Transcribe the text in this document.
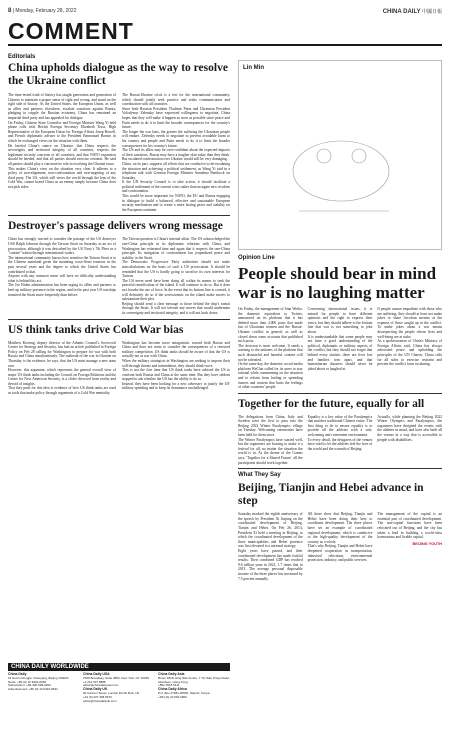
8 | Monday, February 28, 2022	CHINA DAILY 中國日報
COMMENT
Editorials
China upholds dialogue as the way to resolve the Ukraine conflict

The time-tested truth of history has taught generation and generation of Chinese to maintain a proper sense of right and wrong, and stand on the right side of history. As the United States, the European Union, as well as allies and partners elsewhere, escalate sanctions against Russia, pledging to cripple the Russian economy, China has remained an impartial third party and has appealed for dialogue.

On Friday, Chinese State Councilor and Foreign Minister Wang Yi held phone calls with British Foreign Secretary Elizabeth Truss, High Representative of the European Union for Foreign Affairs Josep Borrell, and French diplomatic adviser to the President Emmanuel Bonne, in which he exchanged views on the situation with them.

He briefed China's stance on Ukraine, that China respects the sovereignty and territorial integrity of all countries, respects the legitimate security concerns of all countries, and that NATO expansion should be heeded, and that all parties should exercise restraint. He said all parties should play a constructive role in resolving the Ukraine issue.

This makes China's view on the situation very clear. It adheres to a policy of non-alignment, non-confrontation and non-targeting of any third party. The US, which still views the world through the lens of the Cold War, cannot brand China as an enemy simply because China does not pick sides.

The Russia-Ukraine crisis is a test for the international community, which should jointly seek practice and seeks communication and coordination with all countries.

Since both Russian President Vladimir Putin and Ukrainian President Volodymyr Zelensky have expressed willingness to negotiate, China hopes that they will make it happen as soon as possible since peace and Putin needs to do it to limit the broader consequences for the country's future.

The longer the war lasts, the greater the suffering the Ukrainian people will endure. Zelensky needs to negotiate to prevent avoidable harm to his country and people and Putin needs to do it to limit the broader consequences for his country's future.

The US and its allies may be over-confident about the expected impacts of their sanctions. Russia may have a tougher skin today than they think. But escalated confrontation over Ukraine would still be very damaging.

China, on its part, supports all efforts that are conducive to de-escalating the situation and achieving a political settlement, as Wang Yi said in a telephone talk with German Foreign Minister Annalena Baerbock on Saturday.

If the UN Security Council is to take action, it should facilitate a political settlement of the current crisis rather than instigate new rivalries and confrontation.

This would be more important for NATO, the EU and Russia engaging in dialogue to build a balanced, effective and sustainable European security mechanism and to create a more lasting peace and stability on the European continent.

Destroyer's passage delivers wrong message

China has strongly reacted to consider the passage of the US destroyer USS Ralph Johnson through the Taiwan Strait on Saturday as an act of provocation, although it was described by the US Navy's 7th Fleet as a "routine" transit through international waters.

The international community knows how sensitive the Taiwan Strait is to the Chinese mainland given the mounting cross-Strait tensions in the past several years and the degree to which the United States has contributed to that.

Anyone with any common sense will have no difficulty understanding what is behind this act.

The Joe Biden administration has been urging its allies and partners to beef up military presence in the region, and in the past year US warships transited the Strait more frequently than before.

The Taiwan question is China's internal affair. The US acknowledged the one-China principle in its diplomatic relations with China, and Washington has reiterated time and again that it respects the one-China principle. Its instigation of confrontation has jeopardized peace and stability in the Strait.

The Democratic Progressive Party authorities should not make miscalculations on the basis of such a US provocation. It should be reminded that the US is hardly going to sacrifice its own interests for Taiwan.

The US never need have been doing all within its means to seek the peaceful reunification of the island. It will continue to do so. But it does not forsake the use of force. In the event that its bottom line is crossed, it will definitely do so if the secessionists on the island make moves to substantiate their plot.

Beijing should send a clear message to those behind the ship's transit through the Strait: It will not tolerate any moves that would undermine its sovereignty and territorial integrity, and it will not back down.

US think tanks drive Cold War bias

Matthew Kroenig, deputy director of the Atlantic Council's Scowcroft Center for Strategy and Security, has had an article published in Foreign Policy on Feb 28 calling for Washington to prepare for war with both Russia and China simultaneously. The outbreak of the war in Ukraine on Thursday is the evidence, he says, that the US must manage a new arms race.

However, this argument, which represents the general overall view of major US think tanks including the Council on Foreign Relations and the Center for New American Security, is a cliche divorced from reality and devoid of insights.

That they push for this idea is evidence of how US think tanks are used as tools that make policy through arguments of a Cold War mentality.

Washington has become more antagonistic toward both Russia and China and does not seem to consider the consequences of a renewed military competition. US think tanks should be aware of that the US is actually not at war with China.

When the military strategists in Washington are seeking to impose their will through threats and intimidation, they should think twice.

This is not the first time that US think tanks have advised the US to confront both Russia and China at the same time. But they have seldom stopped to ask whether the US has the ability to do so.

Instead, they have been looking for a new adversary to justify the US' military spending and to keep its dominance unchallenged.

Lin Min
Opinion Line
People should bear in mind war is no laughing matter

On Friday, the management of Sina Weibo, the domestic equivalent to Twitter, announced on its platform that it has deleted more than 4,000 posts that made fun of Ukrainian women and the Russia-Ukraine conflict in general, as well as closed down some accounts that published such posts.

The decision is most welcome. It sends a warning to the netizens of the platform that such distasteful and harmful content will not be tolerated.

On the same day, the domestic social media platform WeChat called for its users to stay rational while commenting on the situation and to refrain from fueling or spreading rumors and content that hurts the feelings of other countries' people.

Concerning international issues, it is natural for people to have different opinions and the right to express their views, but they should adhere to the bottom line that war is not something to joke about.

It is understandable that some people may not have a good understanding of the political, diplomatic or military aspects of the conflict, but they should not forget that behind every statistic there are lives lost and families torn apart, and that humanitarian disasters should never be joked about or laughed at.

If people cannot empathize with those who are suffering, they should at least not make jokes or share frivolous memes at the expense of those caught up in the conflict. To make jokes about a war means disrespecting the people whose lives and well-being are at stake.

As a spokeswoman of China's Ministry of Foreign Affairs said, China has always advocated peace and upholding the principles of the UN Charter. China calls for all sides to exercise restraint and prevent the conflict from escalating.

Together for the future, equally for all

The delegations from China, Italy and Sweden were the first to pass into the Beijing 2022 Winter Paralympics village on Tuesday. Welcoming ceremonies have been held for them since.

The Winter Paralympics have started well, but the organizers are bracing to make it a festival for all, no matter the situation the world is in. As the theme of the Games says, 'Together for a Shared Future', all the participants should work together.

Equality is a key value of the Paralympics that matches traditional Chinese virtue. The first thing to do to ensure equality is to provide all the athletes with a safe, welcoming and convenient environment.

To every detail, the designers of the venues have tried to let the athletes feel the love of the world and the warmth of Beijing.

Actually, while planning the Beijing 2022 Winter Olympics and Paralympics, the organizers have designed the events with the athletes in mind, and have also built all the venues in a way that is accessible to people with disabilities.

What They Say
Beijing, Tianjin and Hebei advance in step

Saturday marked the eighth anniversary of the speech by President Xi Jinping on the coordinated development of Beijing, Tianjin and Hebei. On Feb 26, 2014, President Xi held a meeting in Beijing, at which the coordinated development of the three municipalities and Hebei province was first elevated to a national strategy.

Eight years have passed, and their coordinated development has made fruitful results. Their combined GDP has reached 9.6 trillion yuan in 2021, 1.7 times that in 2013. The average personal disposable income of the three places has increased by 7.5 percent annually.

All these show that Beijing, Tianjin and Hebei have been doing their best to coordinate development. The three places have set an example of coordinated regional development, which is conducive to the high-quality development of the country as a whole.

That's why Beijing, Tianjin and Hebei have deepened cooperation in transportation, industrial relocation, environmental protection, industry, and public services.

The management of the capital is an essential part of coordinated development. The non-capital functions have been relocated out of Beijing, and the city has taken a lead in building a world-class harmonious and livable capital.

BEIJING YOUTH
CHINA DAILY WORLDWIDE
China Daily
15 Huixin Dongjie, Chaoyang, Beijing 100029
News: +86 (0) 10 6491-8366
Subscription: +86 400-699-0203
Advertisement: +86 (0) 10 6491-8631
China Daily USA
1500 Broadway, Suite 2800, New York, NY 10036
+1 212 537 8888
editor@chinadailyusa.com
China Daily UK
90 Cannon Street, London EC4N 6HA, UK
+44 (0) 207 398 8270
editor@chinadailyuk.com
China Daily Asia
Room 1818, Hing Wai Centre, 7 Tin Wan Praya Road, Aberdeen, Hong Kong
+852 2518 5111
China Daily Africa
P.O. Box 27281-00506, Nairobi, Kenya
+254 (0) 20 692 0900
